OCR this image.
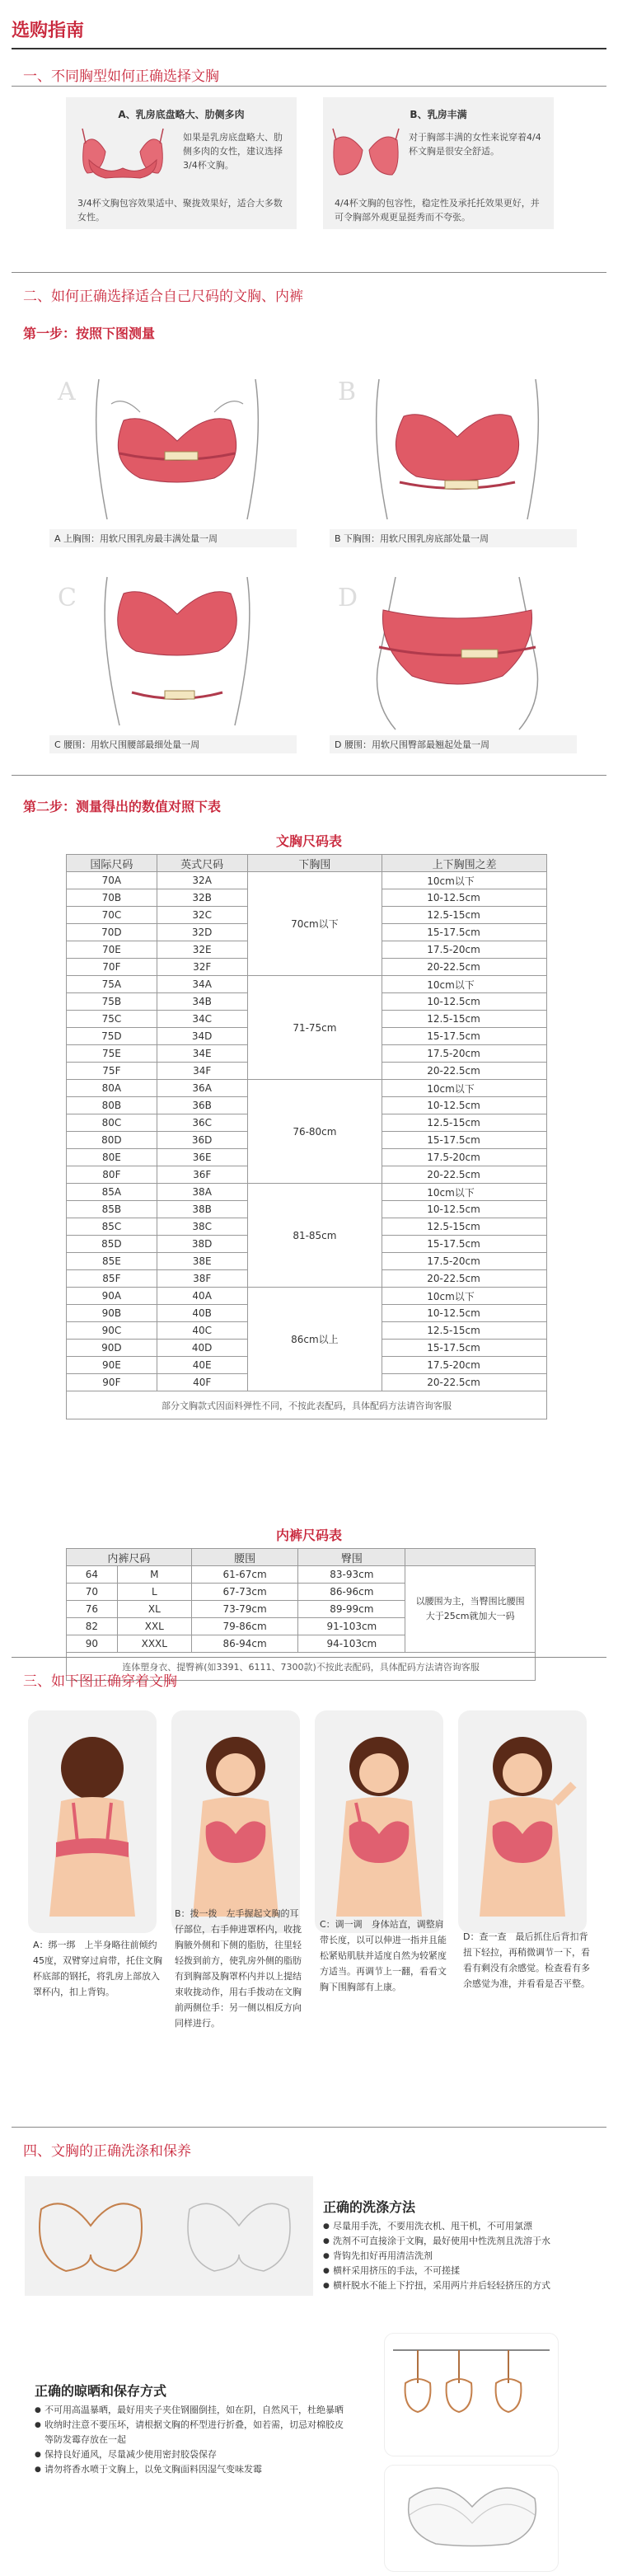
选购指南
一、不同胸型如何正确选择文胸
A、乳房底盘略大、肋侧多肉
如果是乳房底盘略大、肋侧多肉的女性，建议选择3/4杯文胸。
3/4杯文胸包容效果适中、聚拢效果好，适合大多数女性。
B、乳房丰满
对于胸部丰满的女性来说穿着4/4杯文胸是很安全舒适。
4/4杯文胸的包容性，稳定性及承托托效果更好，并可令胸部外观更显挺秀而不夸张。
二、如何正确选择适合自己尺码的文胸、内裤
第一步：按照下图测量
A
A 上胸围：用软尺围乳房最丰满处量一周
B
B 下胸围：用软尺围乳房底部处量一周
C
C 腰围：用软尺围腰部最细处量一周
D
D 腰围：用软尺围臀部最翘起处量一周
第二步：测量得出的数值对照下表
文胸尺码表
国际尺码	英式尺码	下胸围	上下胸围之差
70A	32A	70cm以下	10cm以下
70B	32B		10-12.5cm
70C	32C		12.5-15cm
70D	32D		15-17.5cm
70E	32E		17.5-20cm
70F	32F		20-22.5cm
75A	34A	71-75cm	10cm以下
75B	34B		10-12.5cm
75C	34C		12.5-15cm
75D	34D		15-17.5cm
75E	34E		17.5-20cm
75F	34F		20-22.5cm
80A	36A	76-80cm	10cm以下
80B	36B		10-12.5cm
80C	36C		12.5-15cm
80D	36D		15-17.5cm
80E	36E		17.5-20cm
80F	36F		20-22.5cm
85A	38A	81-85cm	10cm以下
85B	38B		10-12.5cm
85C	38C		12.5-15cm
85D	38D		15-17.5cm
85E	38E		17.5-20cm
85F	38F		20-22.5cm
90A	40A	86cm以上	10cm以下
90B	40B		10-12.5cm
90C	40C		12.5-15cm
90D	40D		15-17.5cm
90E	40E		17.5-20cm
90F	40F		20-22.5cm
部分文胸款式因面料弹性不同，不按此表配码，具体配码方法请咨询客服			
内裤尺码表
内裤尺码		腰围	臀围	
64	M	61-67cm	83-93cm	以腰围为主，当臀围比腰围大于25cm就加大一码
70	L	67-73cm	86-96cm	
76	XL	73-79cm	89-99cm	
82	XXL	79-86cm	91-103cm	
90	XXXL	86-94cm	94-103cm	
连体塑身衣、提臀裤(如3391、6111、7300款)不按此表配码，具体配码方法请咨询客服				
三、如下图正确穿着文胸
A：绑一绑　上半身略往前倾约45度，双臂穿过肩带，托住文胸杯底部的钢托，将乳房上部放入罩杯内，扣上背钩。
B：拨一拨　左手握起文胸的耳仔部位，右手伸进罩杯内，收拢胸腋外侧和下侧的脂肪，往里轻轻拨到前方，使乳房外侧的脂肪有到胸部及胸罩杯内并以上提结束收拢动作，用右手拨动在文胸前两侧位手：另一侧以相反方向同样进行。
C：调一调　身体站直，调整肩带长度，以可以伸进一指并且能松紧贴肌肤并适度自然为较紧度方适当。再调节上一翻，看看文胸下围胸部有上康。
D：查一查　最后抓住后背扣背扭下轻拉，再稍微调节一下，看看有剩没有余感觉。检查看有多余感觉为准，并看看是否平整。
四、文胸的正确洗涤和保养
正确的洗涤方法
● 尽量用手洗，不要用洗衣机、甩干机，不可用氯漂
● 洗剂不可直接涂于文胸，最好使用中性洗剂且洗溶于水
● 背钩先扣好再用清洁洗剂
● 横杆采用挤压的手法，不可搓揉
● 横杆脱水不能上下拧扭，采用两片并后轻轻挤压的方式
正确的晾晒和保存方式
● 不可用高温暴晒，最好用夹子夹住钢圈倒挂，如在阴，自然风干，杜绝暴晒
● 收纳时注意不要压坏，请根据文胸的杯型进行折叠，如若需，切忌对棉胶皮等防发霉存放在一起
● 保持良好通风，尽量减少使用密封胶袋保存
● 请勿将香水喷于文胸上，以免文胸面料因湿气变味发霉
